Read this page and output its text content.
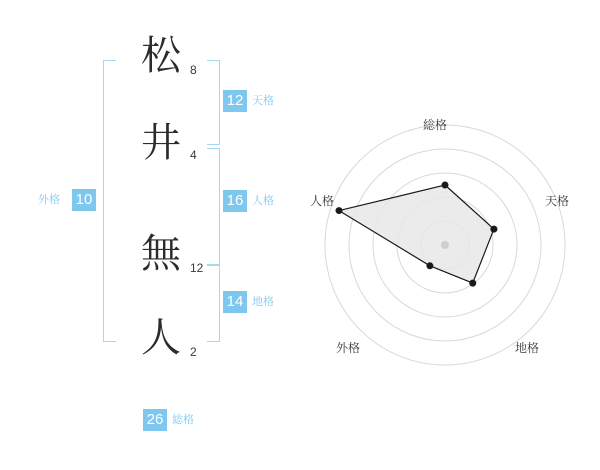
松 8
井 4
無 12
人 2
12 天格
16 人格
14 地格
外格 10
26 総格
総格
天格
地格
外格
人格
